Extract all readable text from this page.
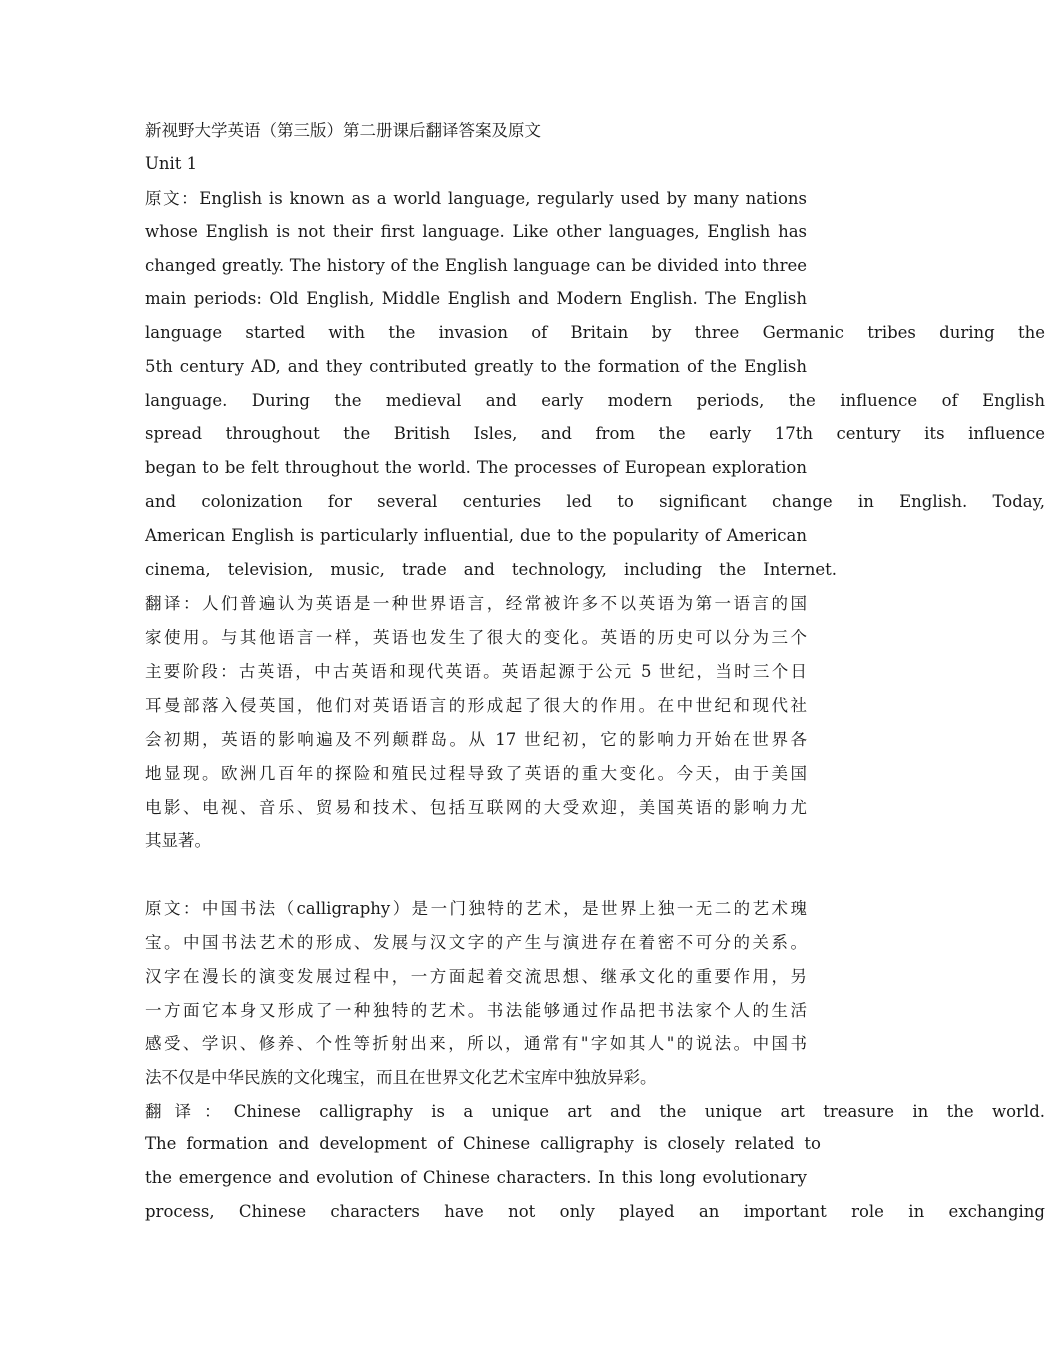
新视野大学英语（第三版）第二册课后翻译答案及原文
Unit 1
原文：English is known as a world language, regularly used by many nations
whose English is not their first language. Like other languages, English has
changed greatly. The history of the English language can be divided into three
main periods: Old English, Middle English and Modern English. The English
language started with the invasion of Britain by three Germanic tribes during the
5th century AD, and they contributed greatly to the formation of the English
language. During the medieval and early modern periods, the influence of English
spread throughout the British Isles, and from the early 17th century its influence
began to be felt throughout the world. The processes of European exploration
and colonization for several centuries led to significant change in English. Today,
American English is particularly influential, due to the popularity of American
cinema, television, music, trade and technology, including the Internet.
翻译：人们普遍认为英语是一种世界语言，经常被许多不以英语为第一语言的国
家使用。与其他语言一样，英语也发生了很大的变化。英语的历史可以分为三个
主要阶段：古英语，中古英语和现代英语。英语起源于公元 5 世纪，当时三个日
耳曼部落入侵英国，他们对英语语言的形成起了很大的作用。在中世纪和现代社
会初期，英语的影响遍及不列颠群岛。从 17 世纪初，它的影响力开始在世界各
地显现。欧洲几百年的探险和殖民过程导致了英语的重大变化。今天，由于美国
电影、电视、音乐、贸易和技术、包括互联网的大受欢迎，美国英语的影响力尤
其显著。
原文：中国书法（calligraphy）是一门独特的艺术，是世界上独一无二的艺术瑰
宝。中国书法艺术的形成、发展与汉文字的产生与演进存在着密不可分的关系。
汉字在漫长的演变发展过程中，一方面起着交流思想、继承文化的重要作用，另
一方面它本身又形成了一种独特的艺术。书法能够通过作品把书法家个人的生活
感受、学识、修养、个性等折射出来，所以，通常有"字如其人"的说法。中国书
法不仅是中华民族的文化瑰宝，而且在世界文化艺术宝库中独放异彩。
翻译：Chinese calligraphy is a unique art and the unique art treasure in the world.
The formation and development of Chinese calligraphy is closely related to
the emergence and evolution of Chinese characters. In this long evolutionary
process, Chinese characters have not only played an important role in exchanging
